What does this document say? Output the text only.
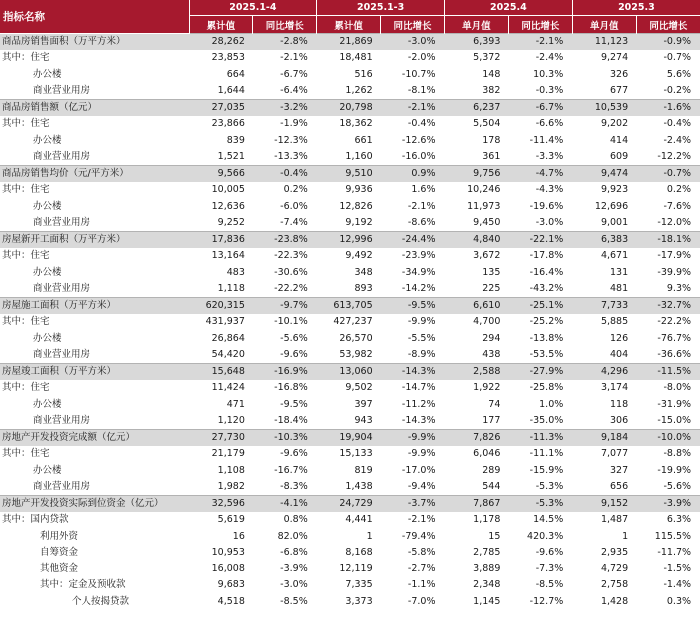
指标名称	2025.1-4		2025.1-3		2025.4		2025.3	
	累计值	同比增长	累计值	同比增长	单月值	同比增长	单月值	同比增长
商品房销售面积（万平方米）	28,262	-2.8%	21,869	-3.0%	6,393	-2.1%	11,123	-0.9%
其中：住宅	23,853	-2.1%	18,481	-2.0%	5,372	-2.4%	9,274	-0.7%
办公楼	664	-6.7%	516	-10.7%	148	10.3%	326	5.6%
商业营业用房	1,644	-6.4%	1,262	-8.1%	382	-0.3%	677	-0.2%
商品房销售额（亿元）	27,035	-3.2%	20,798	-2.1%	6,237	-6.7%	10,539	-1.6%
其中：住宅	23,866	-1.9%	18,362	-0.4%	5,504	-6.6%	9,202	-0.4%
办公楼	839	-12.3%	661	-12.6%	178	-11.4%	414	-2.4%
商业营业用房	1,521	-13.3%	1,160	-16.0%	361	-3.3%	609	-12.2%
商品房销售均价（元/平方米）	9,566	-0.4%	9,510	0.9%	9,756	-4.7%	9,474	-0.7%
其中：住宅	10,005	0.2%	9,936	1.6%	10,246	-4.3%	9,923	0.2%
办公楼	12,636	-6.0%	12,826	-2.1%	11,973	-19.6%	12,696	-7.6%
商业营业用房	9,252	-7.4%	9,192	-8.6%	9,450	-3.0%	9,001	-12.0%
房屋新开工面积（万平方米）	17,836	-23.8%	12,996	-24.4%	4,840	-22.1%	6,383	-18.1%
其中：住宅	13,164	-22.3%	9,492	-23.9%	3,672	-17.8%	4,671	-17.9%
办公楼	483	-30.6%	348	-34.9%	135	-16.4%	131	-39.9%
商业营业用房	1,118	-22.2%	893	-14.2%	225	-43.2%	481	9.3%
房屋施工面积（万平方米）	620,315	-9.7%	613,705	-9.5%	6,610	-25.1%	7,733	-32.7%
其中：住宅	431,937	-10.1%	427,237	-9.9%	4,700	-25.2%	5,885	-22.2%
办公楼	26,864	-5.6%	26,570	-5.5%	294	-13.8%	126	-76.7%
商业营业用房	54,420	-9.6%	53,982	-8.9%	438	-53.5%	404	-36.6%
房屋竣工面积（万平方米）	15,648	-16.9%	13,060	-14.3%	2,588	-27.9%	4,296	-11.5%
其中：住宅	11,424	-16.8%	9,502	-14.7%	1,922	-25.8%	3,174	-8.0%
办公楼	471	-9.5%	397	-11.2%	74	1.0%	118	-31.9%
商业营业用房	1,120	-18.4%	943	-14.3%	177	-35.0%	306	-15.0%
房地产开发投资完成额（亿元）	27,730	-10.3%	19,904	-9.9%	7,826	-11.3%	9,184	-10.0%
其中：住宅	21,179	-9.6%	15,133	-9.9%	6,046	-11.1%	7,077	-8.8%
办公楼	1,108	-16.7%	819	-17.0%	289	-15.9%	327	-19.9%
商业营业用房	1,982	-8.3%	1,438	-9.4%	544	-5.3%	656	-5.6%
房地产开发投资实际到位资金（亿元）	32,596	-4.1%	24,729	-3.7%	7,867	-5.3%	9,152	-3.9%
其中：国内贷款	5,619	0.8%	4,441	-2.1%	1,178	14.5%	1,487	6.3%
利用外资	16	82.0%	1	-79.4%	15	420.3%	1	115.5%
自筹资金	10,953	-6.8%	8,168	-5.8%	2,785	-9.6%	2,935	-11.7%
其他资金	16,008	-3.9%	12,119	-2.7%	3,889	-7.3%	4,729	-1.5%
其中：定金及预收款	9,683	-3.0%	7,335	-1.1%	2,348	-8.5%	2,758	-1.4%
个人按揭贷款	4,518	-8.5%	3,373	-7.0%	1,145	-12.7%	1,428	0.3%
